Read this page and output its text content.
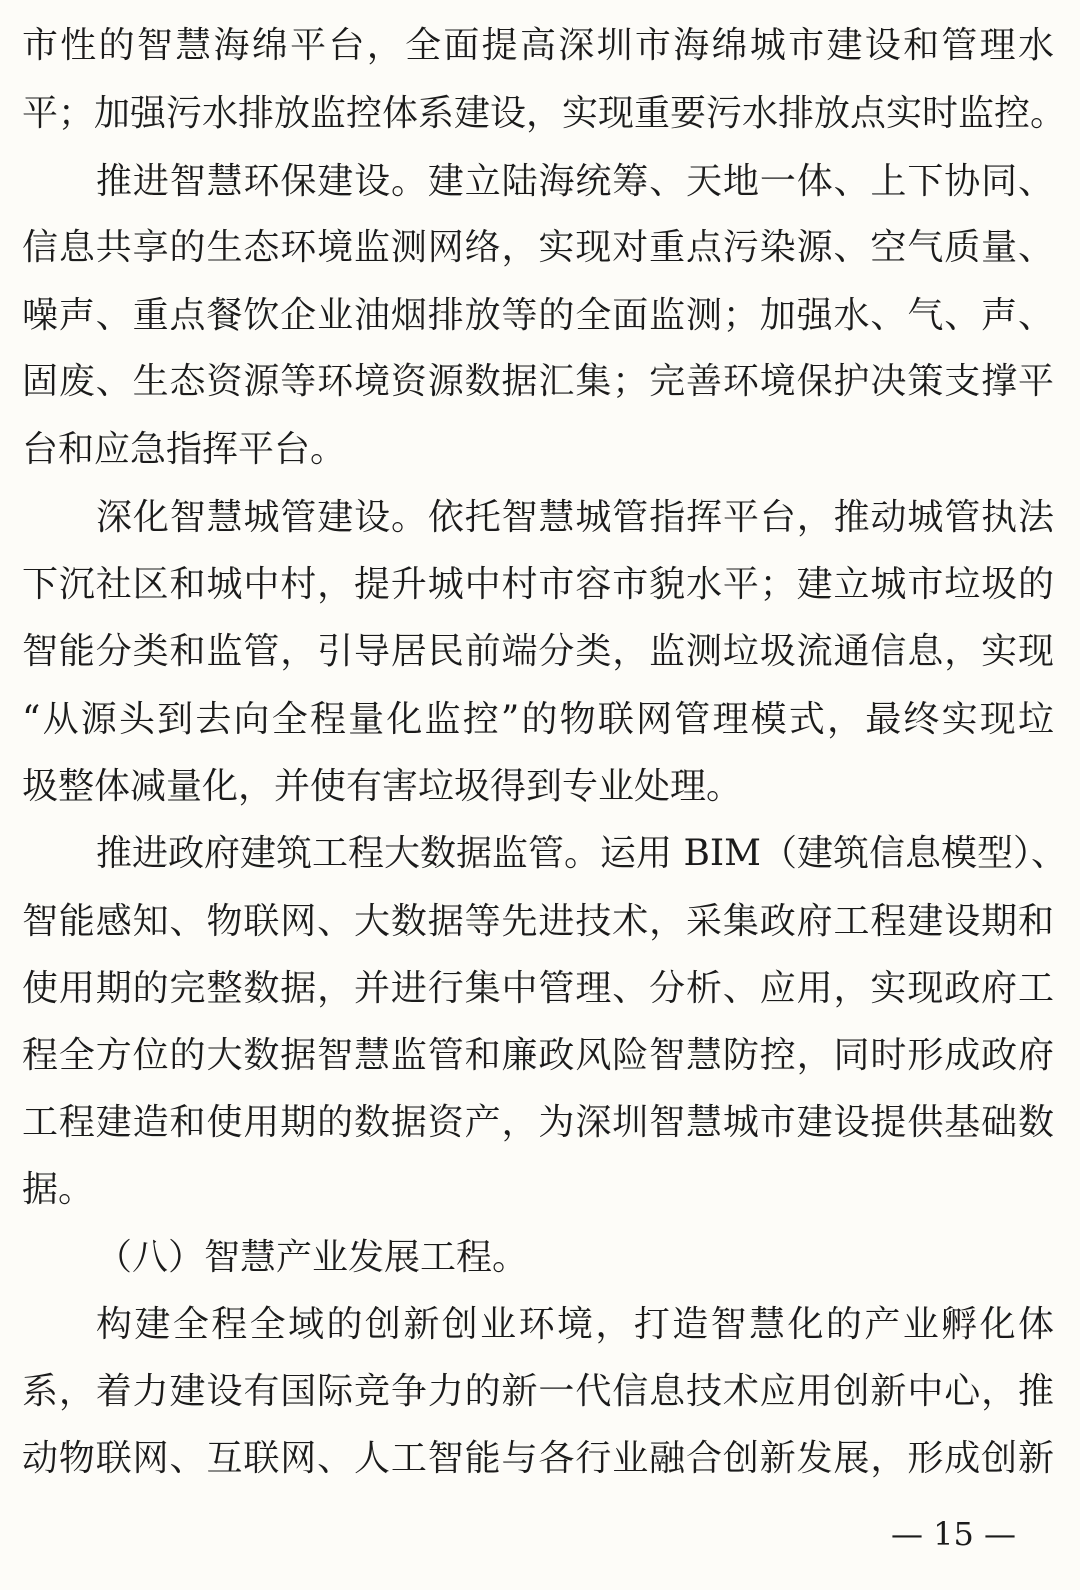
市性的智慧海绵平台，全面提高深圳市海绵城市建设和管理水
平；加强污水排放监控体系建设，实现重要污水排放点实时监控。
推进智慧环保建设。建立陆海统筹、天地一体、上下协同、
信息共享的生态环境监测网络，实现对重点污染源、空气质量、
噪声、重点餐饮企业油烟排放等的全面监测；加强水、气、声、
固废、生态资源等环境资源数据汇集；完善环境保护决策支撑平
台和应急指挥平台。
深化智慧城管建设。依托智慧城管指挥平台，推动城管执法
下沉社区和城中村，提升城中村市容市貌水平；建立城市垃圾的
智能分类和监管，引导居民前端分类，监测垃圾流通信息，实现
“从源头到去向全程量化监控”的物联网管理模式，最终实现垃
圾整体减量化，并使有害垃圾得到专业处理。
推进政府建筑工程大数据监管。运用 BIM（建筑信息模型）、
智能感知、物联网、大数据等先进技术，采集政府工程建设期和
使用期的完整数据，并进行集中管理、分析、应用，实现政府工
程全方位的大数据智慧监管和廉政风险智慧防控，同时形成政府
工程建造和使用期的数据资产，为深圳智慧城市建设提供基础数
据。
（八）智慧产业发展工程。
构建全程全域的创新创业环境，打造智慧化的产业孵化体
系，着力建设有国际竞争力的新一代信息技术应用创新中心，推
动物联网、互联网、人工智能与各行业融合创新发展，形成创新
— 15 —
